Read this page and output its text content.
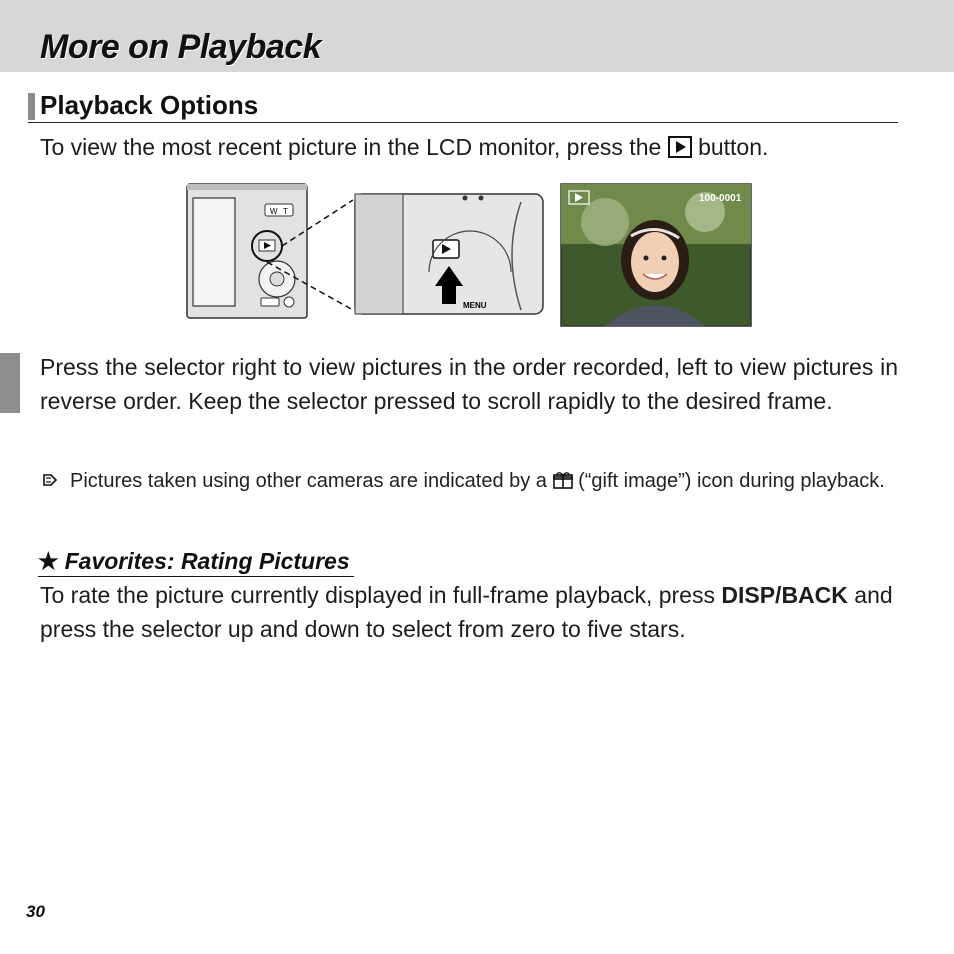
More on Playback
Playback Options

To view the most recent picture in the LCD monitor, press the button.

W T
MENU
100-0001

Press the selector right to view pictures in the order recorded, left to view pictures in reverse order. Keep the selector pressed to scroll rapidly to the desired frame.

Pictures taken using other cameras are indicated by a (“gift image”) icon during playback.
★ Favorites: Rating Pictures

To rate the picture currently displayed in full-frame playback, press DISP/BACK and press the selector up and down to select from zero to five stars.

30
